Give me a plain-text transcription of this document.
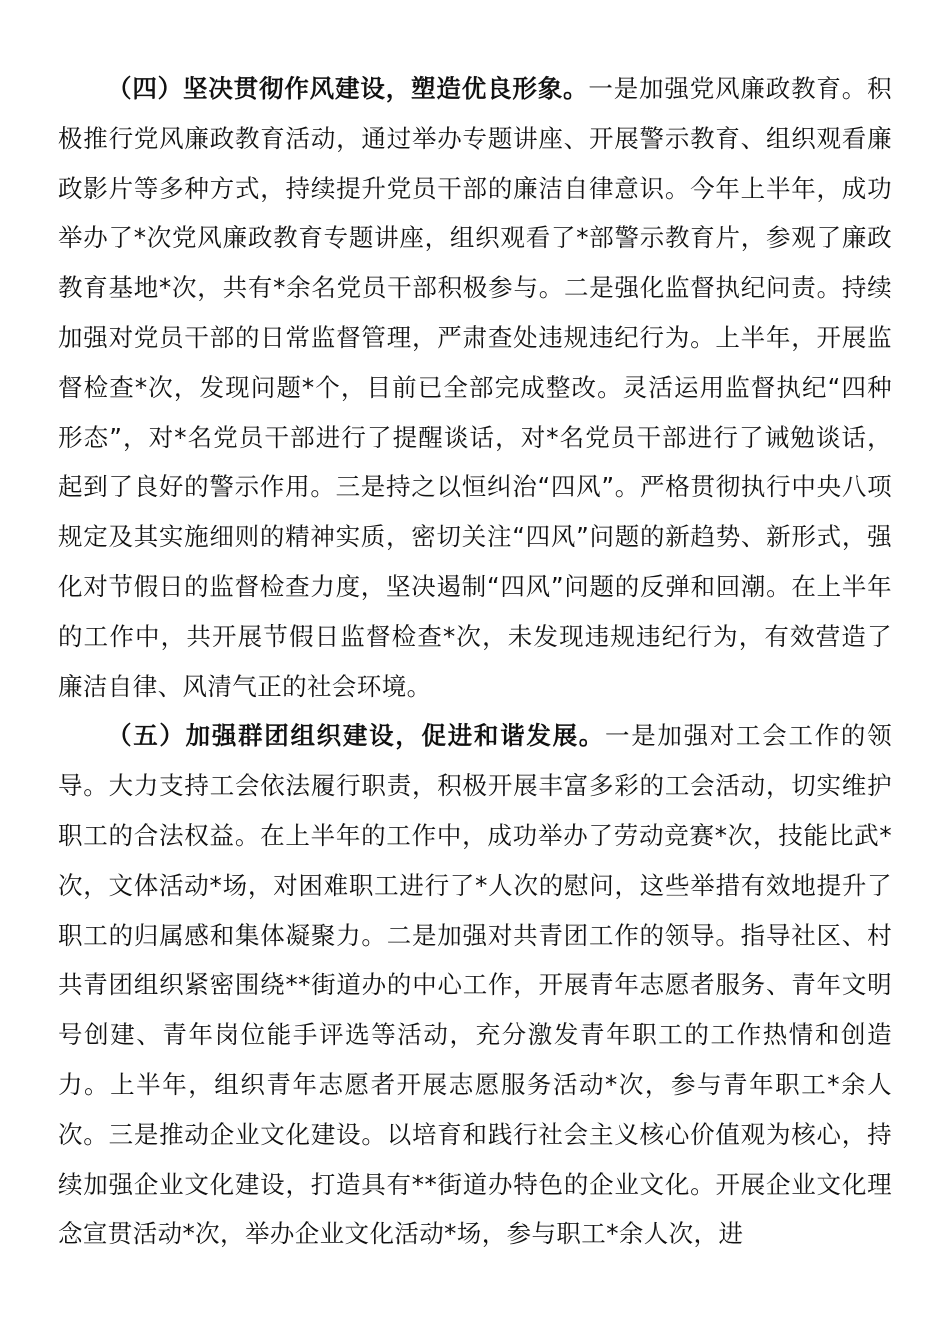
（四）坚决贯彻作风建设，塑造优良形象。一是加强党风廉政教育。积极推行党风廉政教育活动，通过举办专题讲座、开展警示教育、组织观看廉政影片等多种方式，持续提升党员干部的廉洁自律意识。今年上半年，成功举办了*次党风廉政教育专题讲座，组织观看了*部警示教育片，参观了廉政教育基地*次，共有*余名党员干部积极参与。二是强化监督执纪问责。持续加强对党员干部的日常监督管理，严肃查处违规违纪行为。上半年，开展监督检查*次，发现问题*个，目前已全部完成整改。灵活运用监督执纪“四种形态”，对*名党员干部进行了提醒谈话，对*名党员干部进行了诫勉谈话，起到了良好的警示作用。三是持之以恒纠治“四风”。严格贯彻执行中央八项规定及其实施细则的精神实质，密切关注“四风”问题的新趋势、新形式，强化对节假日的监督检查力度，坚决遏制“四风”问题的反弹和回潮。在上半年的工作中，共开展节假日监督检查*次，未发现违规违纪行为，有效营造了廉洁自律、风清气正的社会环境。

（五）加强群团组织建设，促进和谐发展。一是加强对工会工作的领导。大力支持工会依法履行职责，积极开展丰富多彩的工会活动，切实维护职工的合法权益。在上半年的工作中，成功举办了劳动竞赛*次，技能比武*次，文体活动*场，对困难职工进行了*人次的慰问，这些举措有效地提升了职工的归属感和集体凝聚力。二是加强对共青团工作的领导。指导社区、村共青团组织紧密围绕**街道办的中心工作，开展青年志愿者服务、青年文明号创建、青年岗位能手评选等活动，充分激发青年职工的工作热情和创造力。上半年，组织青年志愿者开展志愿服务活动*次，参与青年职工*余人次。三是推动企业文化建设。以培育和践行社会主义核心价值观为核心，持续加强企业文化建设，打造具有**街道办特色的企业文化。开展企业文化理念宣贯活动*次，举办企业文化活动*场，参与职工*余人次，进
